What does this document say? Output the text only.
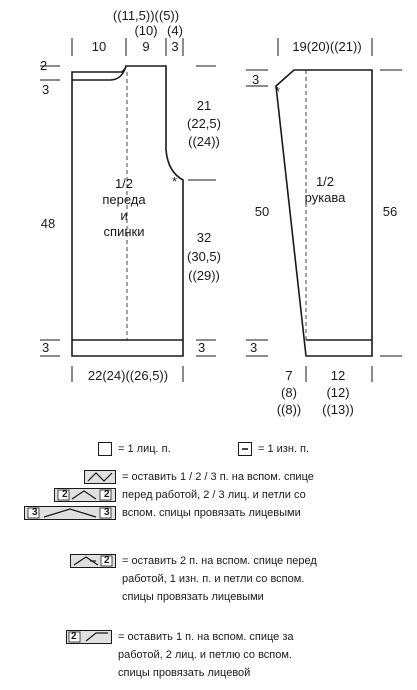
((11,5))((5))
(10) (4)
10	9 3
2
3
21
(22,5)
((24))
*
1/2
переда
и
спинки
48
32
(30,5)
((29))
3	3
22(24)((26,5))
19(20)((21))
3
*
1/2
рукава
50	56
3
7
(8)
((8))
12
(12)
((13))
= 1 лиц. п.	= 1 изн. п.
2	2
3	3
= оставить 1 / 2 / 3 п. на вспом. спице
перед работой, 2 / 3 лиц. и петли со
вспом. спицы провязать лицевыми
2 = оставить 2 п. на вспом. спице перед
работой, 1 изн. п. и петли со вспом.
спицы провязать лицевыми
2	= оставить 1 п. на вспом. спице за
работой, 2 лиц. и петлю со вспом.
спицы провязать лицевой
